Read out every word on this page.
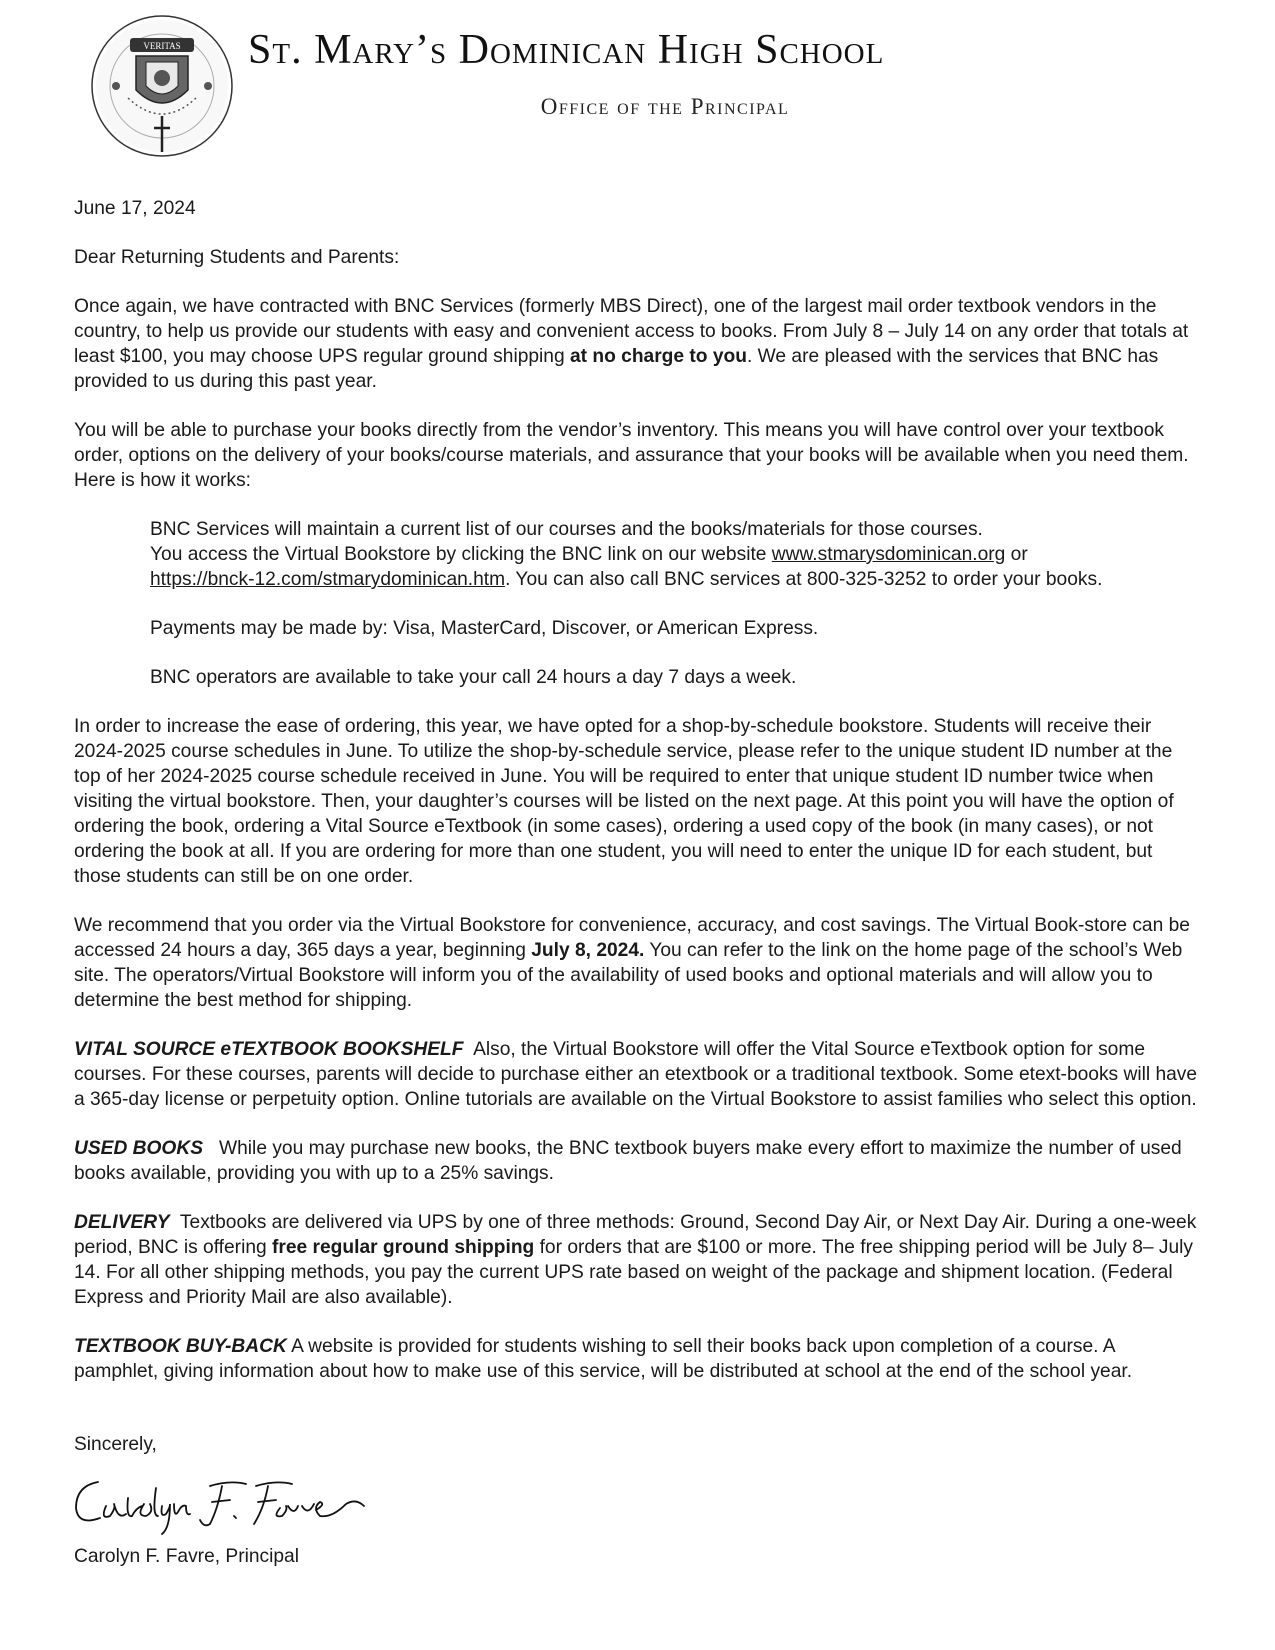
VERITAS St. Mary’s Dominican High School
Office of the Principal

June 17, 2024

Dear Returning Students and Parents:

Once again, we have contracted with BNC Services (formerly MBS Direct), one of the largest mail order textbook vendors in the country, to help us provide our students with easy and convenient access to books. From July 8 – July 14 on any order that totals at least $100, you may choose UPS regular ground shipping at no charge to you. We are pleased with the services that BNC has provided to us during this past year.

You will be able to purchase your books directly from the vendor’s inventory. This means you will have control over your textbook order, options on the delivery of your books/course materials, and assurance that your books will be available when you need them. Here is how it works:

BNC Services will maintain a current list of our courses and the books/materials for those courses.
You access the Virtual Bookstore by clicking the BNC link on our website www.stmarysdominican.org or
https://bnck-12.com/stmarydominican.htm. You can also call BNC services at 800-325-3252 to order your books.

Payments may be made by: Visa, MasterCard, Discover, or American Express.

BNC operators are available to take your call 24 hours a day 7 days a week.

In order to increase the ease of ordering, this year, we have opted for a shop-by-schedule bookstore. Students will receive their 2024-2025 course schedules in June. To utilize the shop-by-schedule service, please refer to the unique student ID number at the top of her 2024-2025 course schedule received in June. You will be required to enter that unique student ID number twice when visiting the virtual bookstore. Then, your daughter’s courses will be listed on the next page. At this point you will have the option of ordering the book, ordering a Vital Source eTextbook (in some cases), ordering a used copy of the book (in many cases), or not ordering the book at all. If you are ordering for more than one student, you will need to enter the unique ID for each student, but those students can still be on one order.

We recommend that you order via the Virtual Bookstore for convenience, accuracy, and cost savings. The Virtual Book-store can be accessed 24 hours a day, 365 days a year, beginning July 8, 2024. You can refer to the link on the home page of the school’s Web site. The operators/Virtual Bookstore will inform you of the availability of used books and optional materials and will allow you to determine the best method for shipping.

VITAL SOURCE eTEXTBOOK BOOKSHELF  Also, the Virtual Bookstore will offer the Vital Source eTextbook option for some courses. For these courses, parents will decide to purchase either an etextbook or a traditional textbook. Some etext-books will have a 365-day license or perpetuity option. Online tutorials are available on the Virtual Bookstore to assist families who select this option.

USED BOOKS   While you may purchase new books, the BNC textbook buyers make every effort to maximize the number of used books available, providing you with up to a 25% savings.

DELIVERY  Textbooks are delivered via UPS by one of three methods: Ground, Second Day Air, or Next Day Air. During a one-week period, BNC is offering free regular ground shipping for orders that are $100 or more. The free shipping period will be July 8– July 14. For all other shipping methods, you pay the current UPS rate based on weight of the package and shipment location. (Federal Express and Priority Mail are also available).

TEXTBOOK BUY-BACK A website is provided for students wishing to sell their books back upon completion of a course. A pamphlet, giving information about how to make use of this service, will be distributed at school at the end of the school year.

Sincerely,
Carolyn F. Favre, Principal
